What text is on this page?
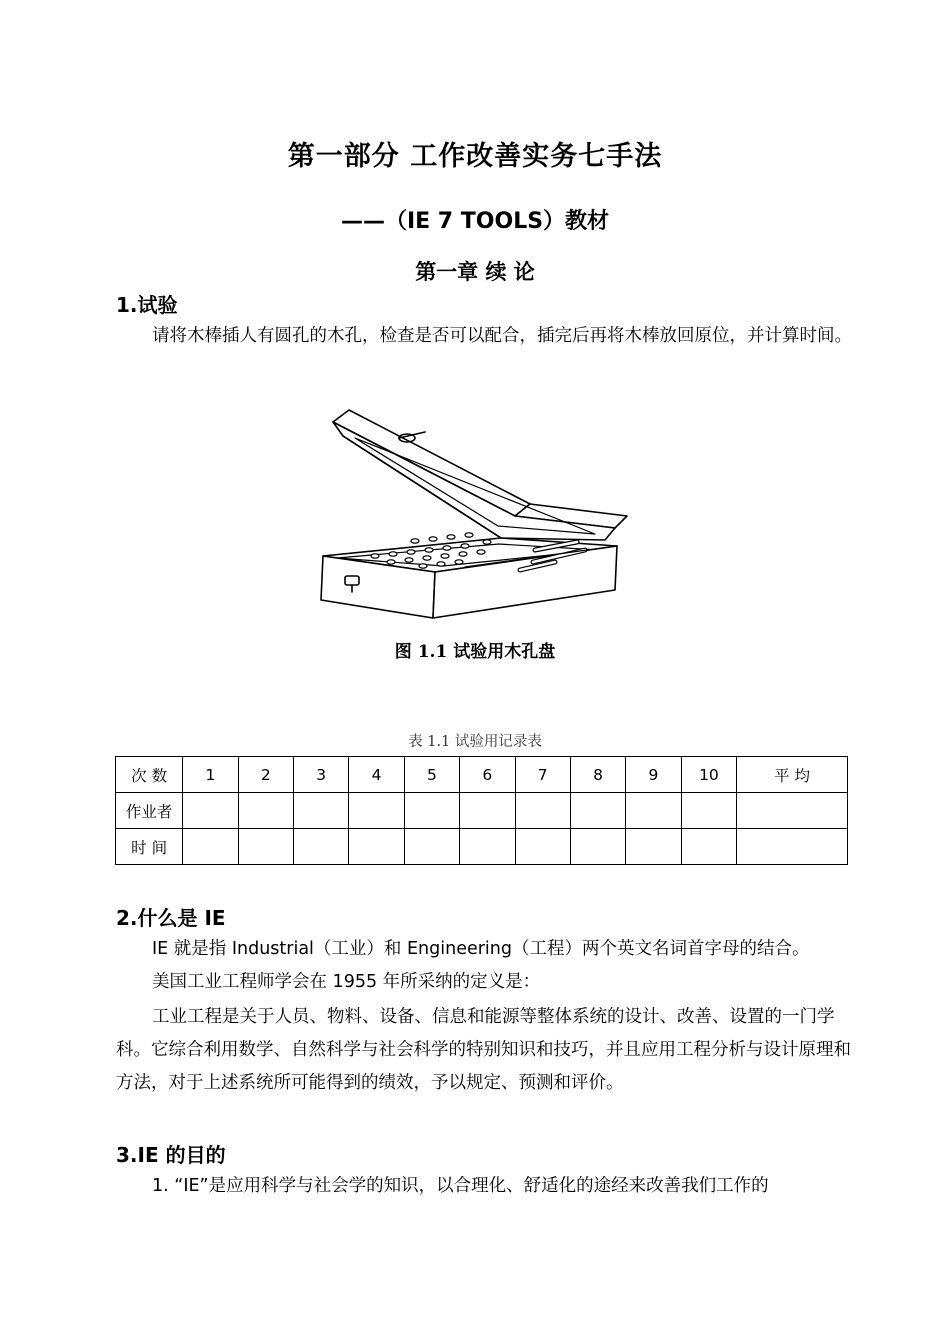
第一部分 工作改善实务七手法
——（IE 7 TOOLS）教材
第一章 续 论
1.试验
请将木棒插人有圆孔的木孔，检查是否可以配合，插完后再将木棒放回原位，并计算时间。
图 1.1 试验用木孔盘
表 1.1 试验用记录表
次 数	1	2	3	4	5	6	7	8	9	10	平 均
作业者											
时 间											
2.什么是 IE
IE 就是指 Industrial（工业）和 Engineering（工程）两个英文名词首字母的结合。
美国工业工程师学会在 1955 年所采纳的定义是：
工业工程是关于人员、物料、设备、信息和能源等整体系统的设计、改善、设置的一门学科。它综合利用数学、自然科学与社会科学的特别知识和技巧，并且应用工程分析与设计原理和方法，对于上述系统所可能得到的绩效，予以规定、预测和评价。
3.IE 的目的
1. “IE”是应用科学与社会学的知识，以合理化、舒适化的途经来改善我们工作的
